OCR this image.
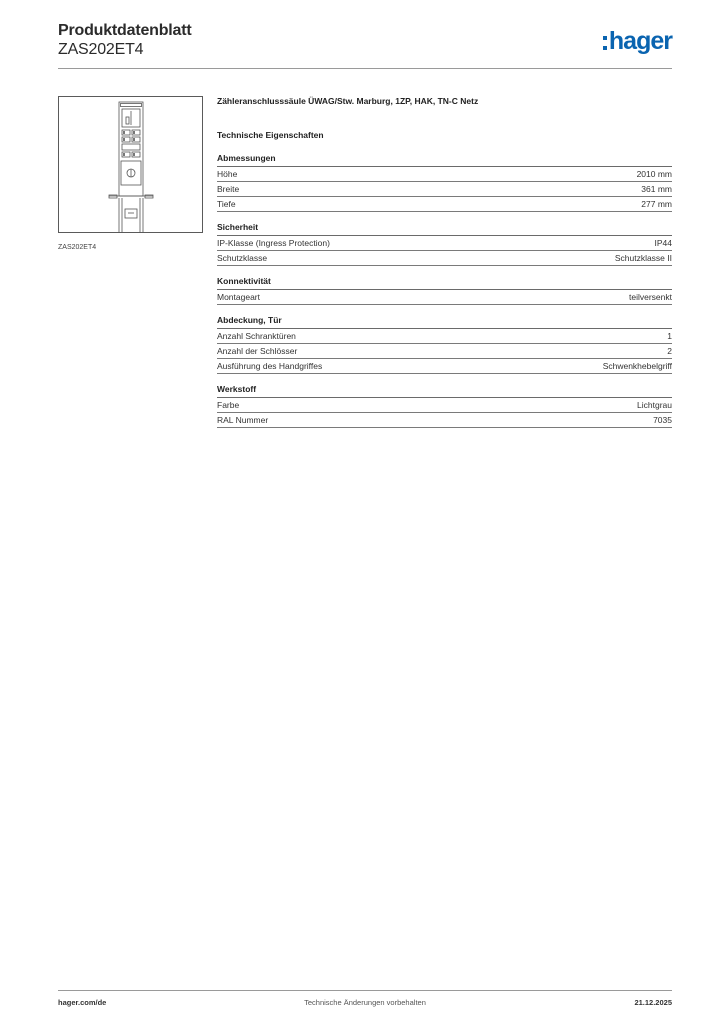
Produktdatenblatt
ZAS202ET4	hager
ZAS202ET4
Zähleranschlusssäule ÜWAG/Stw. Marburg, 1ZP, HAK, TN-C Netz
Technische Eigenschaften
Abmessungen
Höhe	2010 mm
Breite	361 mm
Tiefe	277 mm
Sicherheit
IP-Klasse (Ingress Protection)	IP44
Schutzklasse	Schutzklasse II
Konnektivität
Montageart	teilversenkt
Abdeckung, Tür
Anzahl Schranktüren	1
Anzahl der Schlösser	2
Ausführung des Handgriffes	Schwenkhebelgriff
Werkstoff
Farbe	Lichtgrau
RAL Nummer	7035
hager.com/de	Technische Änderungen vorbehalten	21.12.2025
